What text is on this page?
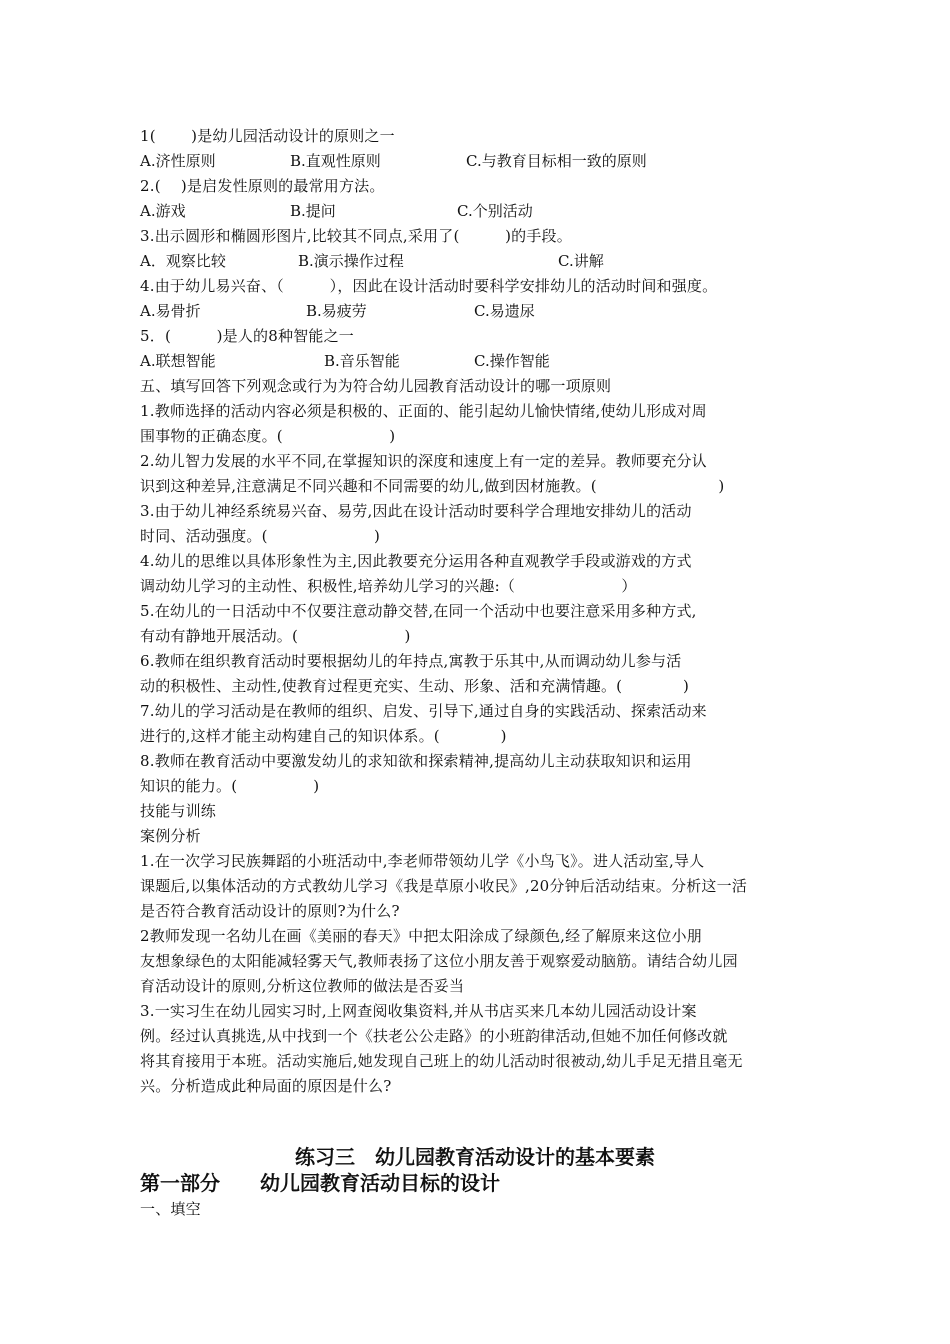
1(　　 )是幼儿园活动设计的原则之一
A.济性原则	B.直观性原则	C.与教育目标相一致的原则
2.(　 )是启发性原则的最常用方法。
A.游戏	B.提问	C.个别活动
3.出示圆形和椭圆形图片,比较其不同点,采用了(　　　)的手段。
A．观察比较	B.演示操作过程	C.讲解
4.由于幼儿易兴奋、（　　　），因此在设计活动时要科学安排幼儿的活动时间和强度。
A.易骨折	B.易疲劳	C.易遗尿
5．(　　　)是人的8种智能之一
A.联想智能	B.音乐智能	C.操作智能
五、填写回答下列观念或行为为符合幼儿园教育活动设计的哪一项原则
1.教师选择的活动内容必须是积极的、正面的、能引起幼儿愉快情绪,使幼儿形成对周
围事物的正确态度。(　　　　　　　)
2.幼儿智力发展的水平不同,在掌握知识的深度和速度上有一定的差异。教师要充分认
识到这种差异,注意满足不同兴趣和不同需要的幼儿,做到因材施教。(　　　　　　　　)
3.由于幼儿神经系统易兴奋、易劳,因此在设计活动时要科学合理地安排幼儿的活动
时同、活动强度。(　　　　　　　)
4.幼儿的思维以具体形象性为主,因此教要充分运用各种直观教学手段或游戏的方式
调动幼儿学习的主动性、积极性,培养幼儿学习的兴趣:（　　　　　　　）
5.在幼儿的一日活动中不仅要注意动静交替,在同一个活动中也要注意采用多种方式,
有动有静地开展活动。(　　　　　　　)
6.教师在组织教育活动时要根据幼儿的年持点,寓教于乐其中,从而调动幼儿参与活
动的积极性、主动性,使教育过程更充实、生动、形象、活和充满情趣。(　　　　)
7.幼儿的学习活动是在教师的组织、启发、引导下,通过自身的实践活动、探索活动来
进行的,这样才能主动构建自己的知识体系。(　　　　)
8.教师在教育活动中要激发幼儿的求知欲和探索精神,提高幼儿主动获取知识和运用
知识的能力。(　　　　　)
技能与训练
案例分析
1.在一次学习民族舞蹈的小班活动中,李老师带领幼儿学《小鸟飞》。进人活动室,导人
课题后,以集体活动的方式教幼儿学习《我是草原小收民》,20分钟后活动结束。分析这一活
是否符合教育活动设计的原则?为什么?
2教师发现一名幼儿在画《美丽的春天》中把太阳涂成了绿颜色,经了解原来这位小朋
友想象绿色的太阳能减轻雾天气,教师表扬了这位小朋友善于观察爱动脑筋。请结合幼儿园
育活动设计的原则,分析这位教师的做法是否妥当
3.一实习生在幼儿园实习时,上网查阅收集资料,并从书店买来几本幼儿园活动设计案
例。经过认真挑选,从中找到一个《扶老公公走路》的小班韵律活动,但她不加任何修改就
将其育接用于本班。活动实施后,她发现自己班上的幼儿活动时很被动,幼儿手足无措且毫无
兴。分析造成此种局面的原因是什么?
练习三　幼儿园教育活动设计的基本要素
第一部分　　幼儿园教育活动目标的设计
一、填空
